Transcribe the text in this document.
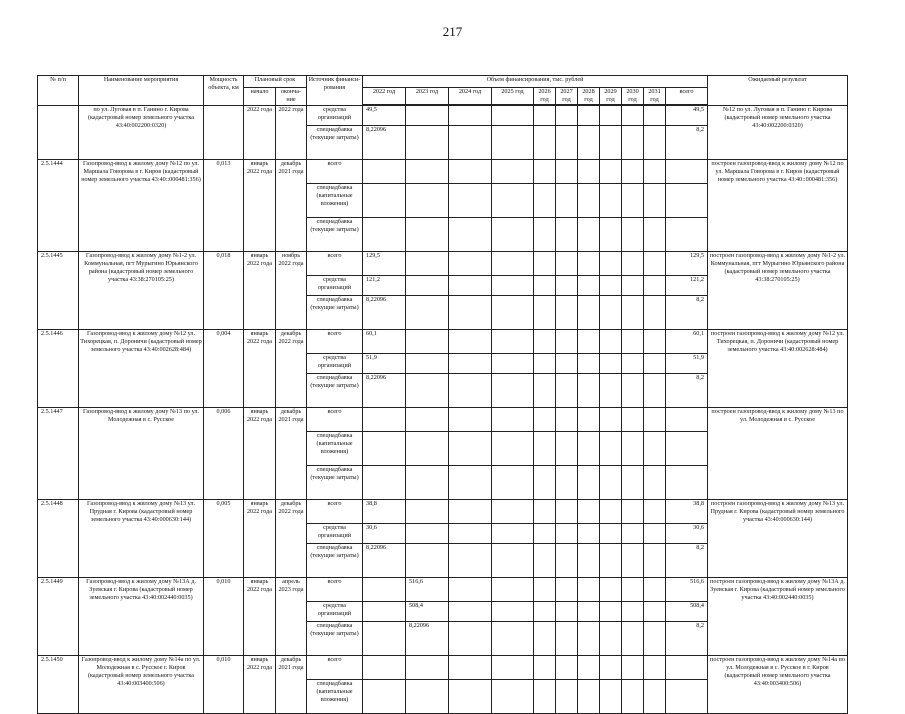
217
№ п/п	Наименование мероприятия	Мощность объекта, км	Плановый срок		Источник финанси-рования	Объем финансирования, тыс. рублей											Ожидаемый результат
			начало	оконча-ние		2022 год	2023 год	2024 год	2025 год	2026 год	2027 год	2028 год	2029 год	2030 год	2031 год	всего	

	по ул. Луговая в п. Ганино г. Кирова (кадастровый номер земельного участка 43:40:002200:0320)		2022 года	2022 года	средства организаций	49,5										49,5	№12 по ул. Луговая в п. Ганино г. Кирова (кадастровый номер земельного участка 43:40:002200:0320)
					спецнадбавка (текущие затраты)	8,22096										8,2	
2.5.1444	Газопровод-ввод к жилому дому №12 по ул. Маршала Говорова в г. Киров (кадастровый номер земельного участка 43:40::000481:356)	0,013	январь 2022 года	декабрь 2021 года	всего												построен газопровод-ввод к жилому дому №12 по ул. Маршала Говорова в г. Киров (кадастровый номер земельного участка 43:40::000481:356)
					спецнадбавка (капитальные вложения)												
					спецнадбавка (текущие затраты)												
2.5.1445	Газопровод-ввод к жилому дому №1-2 ул. Коммунальная, пгт Мурыгино Юрьянского района (кадастровый номер земельного участка 43:38:270105:25)	0,018	январь 2022 года	ноябрь 2022 года	всего	129,5										129,5	построен газопровод-ввод к жилому дому №1-2 ул. Коммунальная, пгт Мурыгино Юрьянского района (кадастровый номер земельного участка 43:38:270105:25)
					средства организаций	121,2										121,2	
					спецнадбавка (текущие затраты)	8,22096										8,2	
2.5.1446	Газопровод-ввод к жилому дому №12 ул. Тихорецкая, п. Дороничи (кадастровый номер земельного участка 43:40:002628:484)	0,004	январь 2022 года	декабрь 2022 года	всего	60,1										60,1	построен газопровод-ввод к жилому дому №12 ул. Тихорецкая, п. Дороничи (кадастровый номер земельного участка 43:40:002628:484)
					средства организаций	51,9										51,9	
					спецнадбавка (текущие затраты)	8,22096										8,2	
2.5.1447	Газопровод-ввод к жилому дому №13 по ул. Молодежная в с. Русское	0,006	январь 2022 года	декабрь 2021 года	всего												построен газопровод-ввод к жилому дому №13 по ул. Молодежная в с. Русское
					спецнадбавка (капитальные вложения)												
					спецнадбавка (текущие затраты)												
2.5.1448	Газопровод-ввод к жилому дому №13 ул. Прудная г. Кирова (кадастровый номер земельного участка 43:40:000630:144)	0,005	январь 2022 года	декабрь 2022 года	всего	38,8										38,8	построен газопровод-ввод к жилому дому №13 ул. Прудная г. Кирова (кадастровый номер земельного участка 43:40:000630:144)
					средства организаций	30,6										30,6	
					спецнадбавка (текущие затраты)	8,22096										8,2	
2.5.1449	Газопровод-ввод к жилому дому №13А д. Зуевская г. Кирова (кадастровый номер земельного участка 43:40:002440:0035)	0,010	январь 2022 года	апрель 2023 года	всего		516,6									516,6	построен газопровод-ввод к жилому дому №13А д. Зуевская г. Кирова (кадастровый номер земельного участка 43:40:002440:0035)
					средства организаций		508,4									508,4	
					спецнадбавка (текущие затраты)		8,22096									8,2	
2.5.1450	Газопровод-ввод к жилому дому №14а по ул. Молодежная в с. Русское г. Киров (кадастровый номер земельного участка 43:40:003400:506)	0,010	январь 2022 года	декабрь 2021 года	всего												построен газопровод-ввод к жилому дому №14а по ул. Молодежная в с. Русское в г. Киров (кадастровый номер земельного участка 43:40:003400:506)
					спецнадбавка (капитальные вложения)												
